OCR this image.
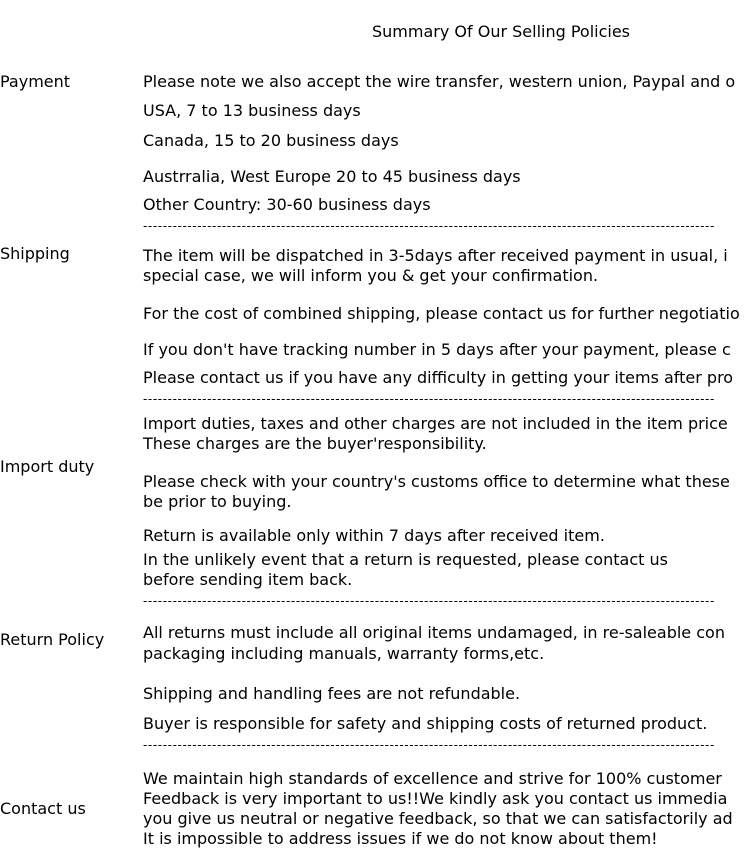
Summary Of Our Selling Policies
Payment	Please note we also accept the wire transfer, western union, Paypal and o
USA, 7 to 13 business days
Canada, 15 to 20 business days
Austrralia, West Europe 20 to 45 business days
Other Country: 30-60 business days
--------------------------------------------------------------------------------------------------------------------
Shipping	The item will be dispatched in 3-5days after received payment in usual, i
special case, we will inform you & get your confirmation.
For the cost of combined shipping, please contact us for further negotiatio
If you don't have tracking number in 5 days after your payment, please c
Please contact us if you have any difficulty in getting your items after pro
--------------------------------------------------------------------------------------------------------------------
Import duties, taxes and other charges are not included in the item price
These charges are the buyer'responsibility.
Import duty
Please check with your country's customs office to determine what these
be prior to buying.
Return is available only within 7 days after received item.
In the unlikely event that a return is requested, please contact us
before sending item back.
--------------------------------------------------------------------------------------------------------------------
Return Policy All returns must include all original items undamaged, in re-saleable con
packaging including manuals, warranty forms,etc.
Shipping and handling fees are not refundable.
Buyer is responsible for safety and shipping costs of returned product.
--------------------------------------------------------------------------------------------------------------------
We maintain high standards of excellence and strive for 100% customer
Feedback is very important to us!!We kindly ask you contact us immedia
Contact us
you give us neutral or negative feedback, so that we can satisfactorily ad
It is impossible to address issues if we do not know about them!
